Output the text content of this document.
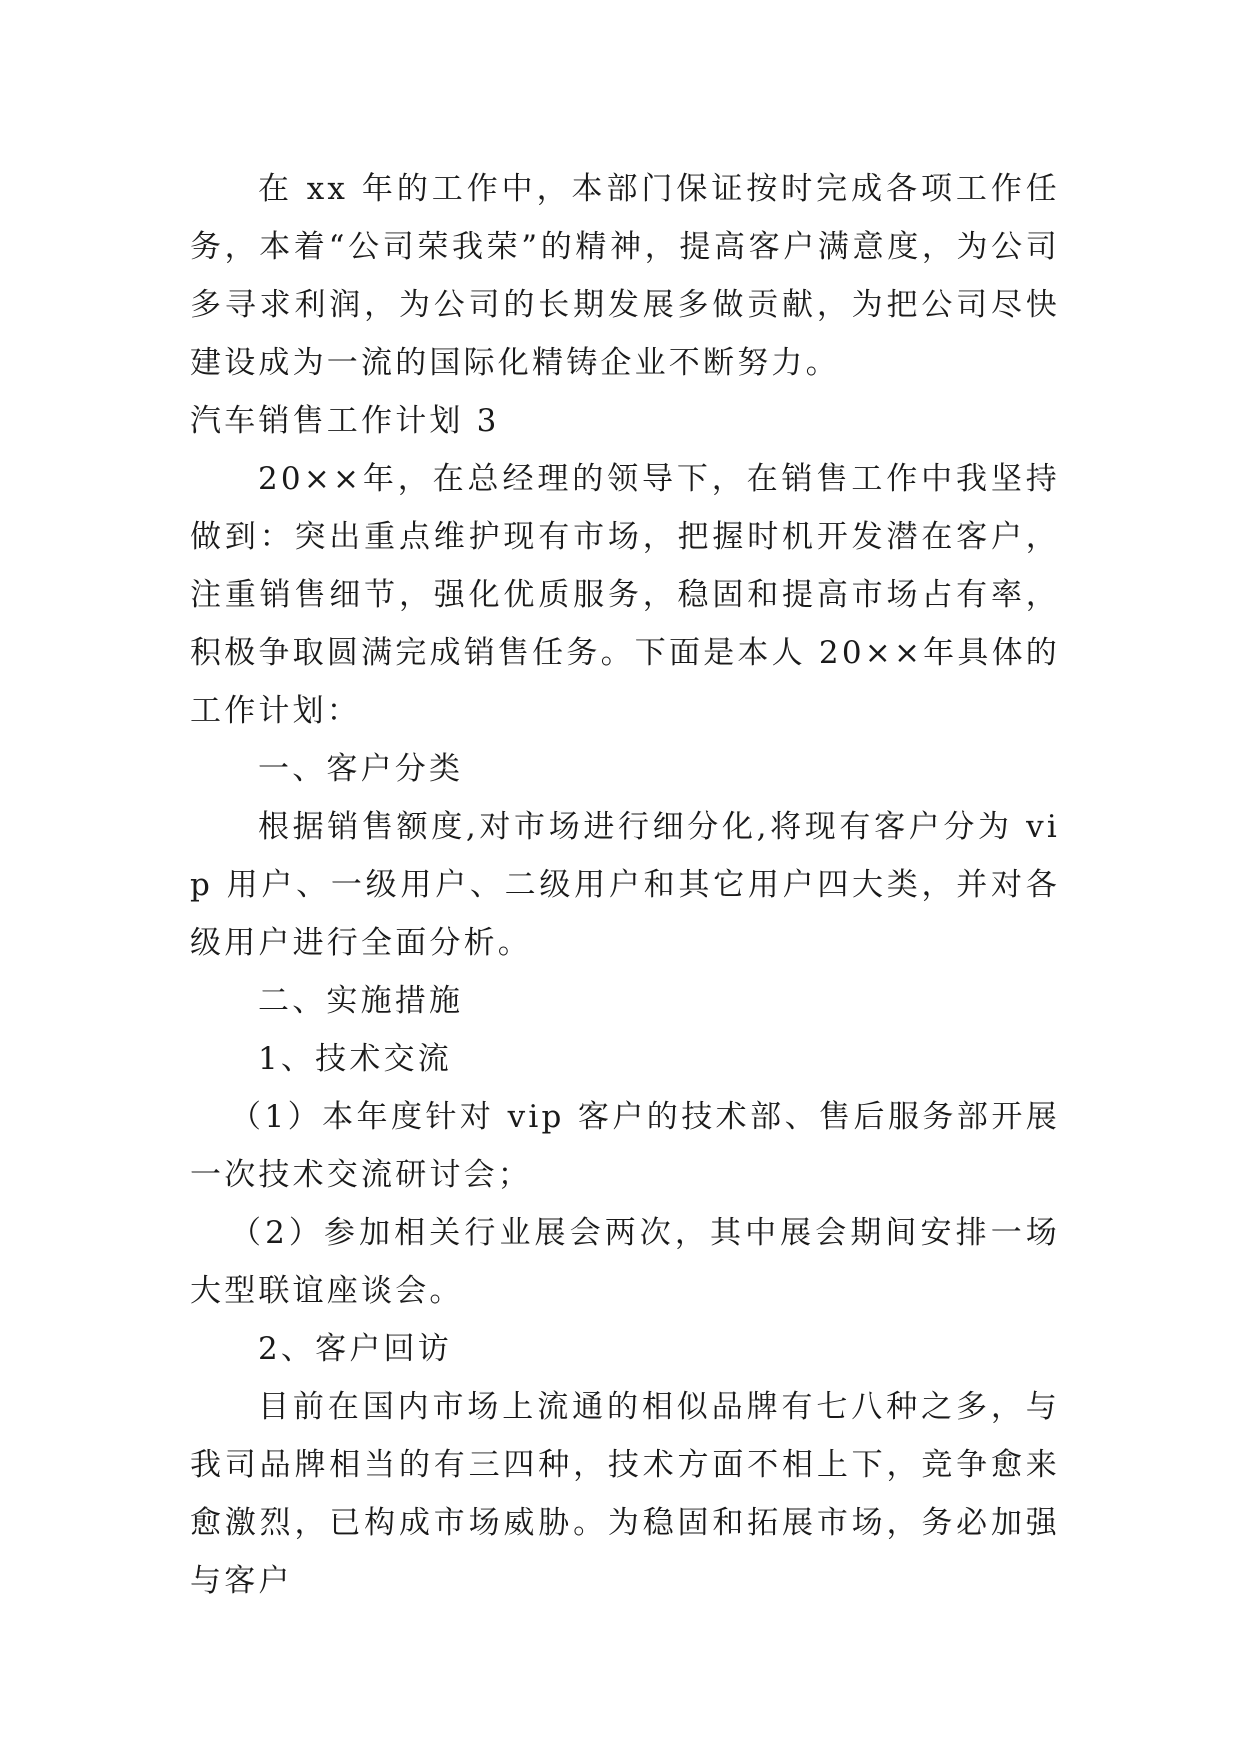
在 xx 年的工作中，本部门保证按时完成各项工作任务，本着“公司荣我荣”的精神，提高客户满意度，为公司多寻求利润，为公司的长期发展多做贡献，为把公司尽快建设成为一流的国际化精铸企业不断努力。

汽车销售工作计划 3

20××年，在总经理的领导下，在销售工作中我坚持做到：突出重点维护现有市场，把握时机开发潜在客户，注重销售细节，强化优质服务，稳固和提高市场占有率，积极争取圆满完成销售任务。下面是本人 20××年具体的工作计划：

一、客户分类

根据销售额度,对市场进行细分化,将现有客户分为 vip 用户、一级用户、二级用户和其它用户四大类，并对各级用户进行全面分析。

二、实施措施

1、技术交流

（1）本年度针对 vip 客户的技术部、售后服务部开展一次技术交流研讨会；

（2）参加相关行业展会两次，其中展会期间安排一场大型联谊座谈会。

2、客户回访

目前在国内市场上流通的相似品牌有七八种之多，与我司品牌相当的有三四种，技术方面不相上下，竞争愈来愈激烈，已构成市场威胁。为稳固和拓展市场，务必加强与客户
